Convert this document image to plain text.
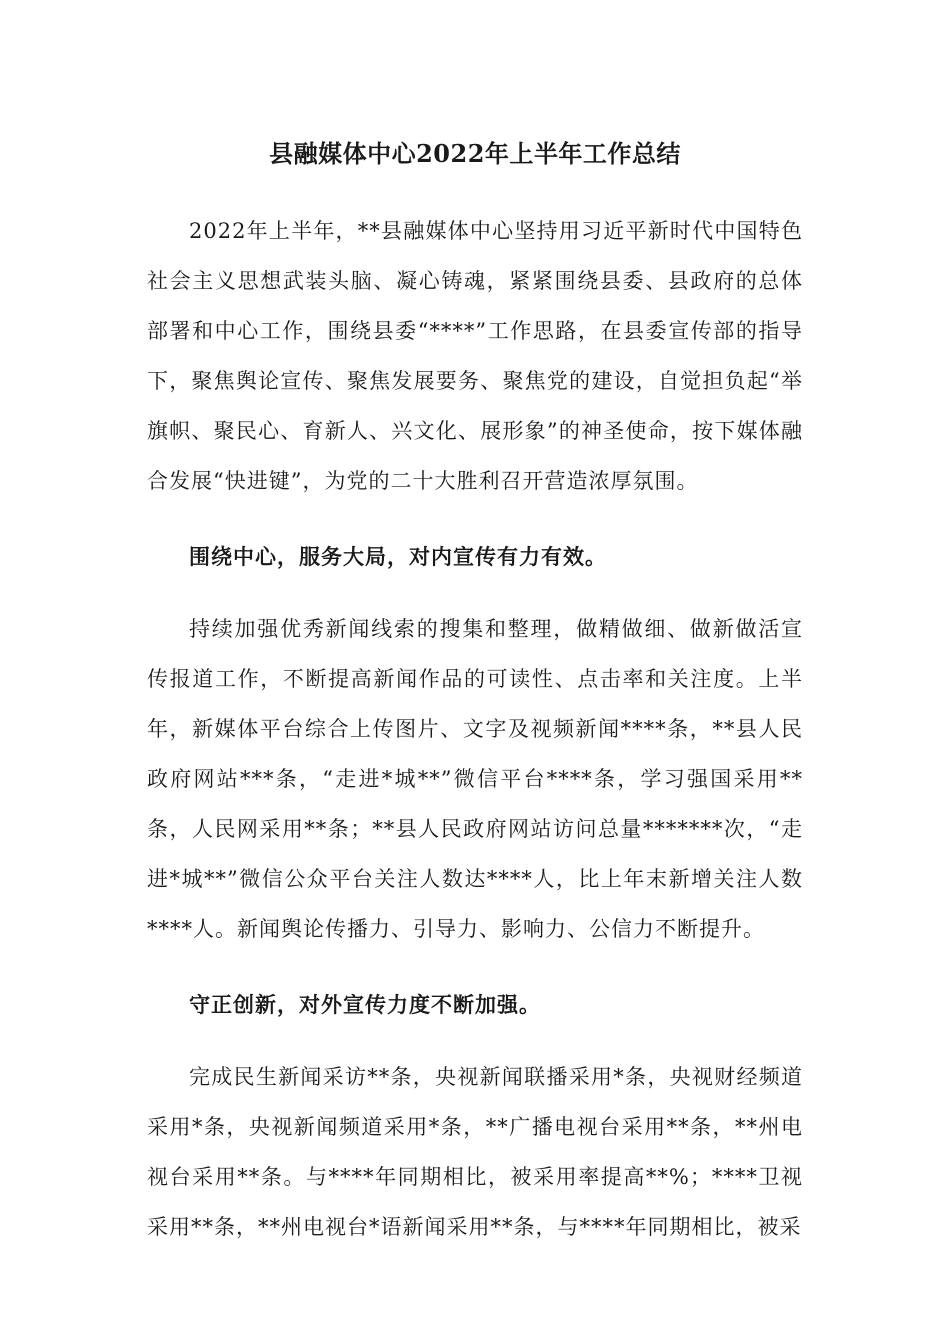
县融媒体中心2022年上半年工作总结

2022年上半年，**县融媒体中心坚持用习近平新时代中国特色社会主义思想武装头脑、凝心铸魂，紧紧围绕县委、县政府的总体部署和中心工作，围绕县委“****”工作思路，在县委宣传部的指导下，聚焦舆论宣传、聚焦发展要务、聚焦党的建设，自觉担负起“举旗帜、聚民心、育新人、兴文化、展形象”的神圣使命，按下媒体融合发展“快进键”，为党的二十大胜利召开营造浓厚氛围。

围绕中心，服务大局，对内宣传有力有效。

持续加强优秀新闻线索的搜集和整理，做精做细、做新做活宣传报道工作，不断提高新闻作品的可读性、点击率和关注度。上半年，新媒体平台综合上传图片、文字及视频新闻****条，**县人民政府网站***条，“走进*城**”微信平台****条，学习强国采用**条，人民网采用**条；**县人民政府网站访问总量*******次，“走进*城**”微信公众平台关注人数达****人，比上年末新增关注人数****人。新闻舆论传播力、引导力、影响力、公信力不断提升。

守正创新，对外宣传力度不断加强。

完成民生新闻采访**条，央视新闻联播采用*条，央视财经频道采用*条，央视新闻频道采用*条，**广播电视台采用**条，**州电视台采用**条。与****年同期相比，被采用率提高**%；****卫视采用**条，**州电视台*语新闻采用**条，与****年同期相比，被采
